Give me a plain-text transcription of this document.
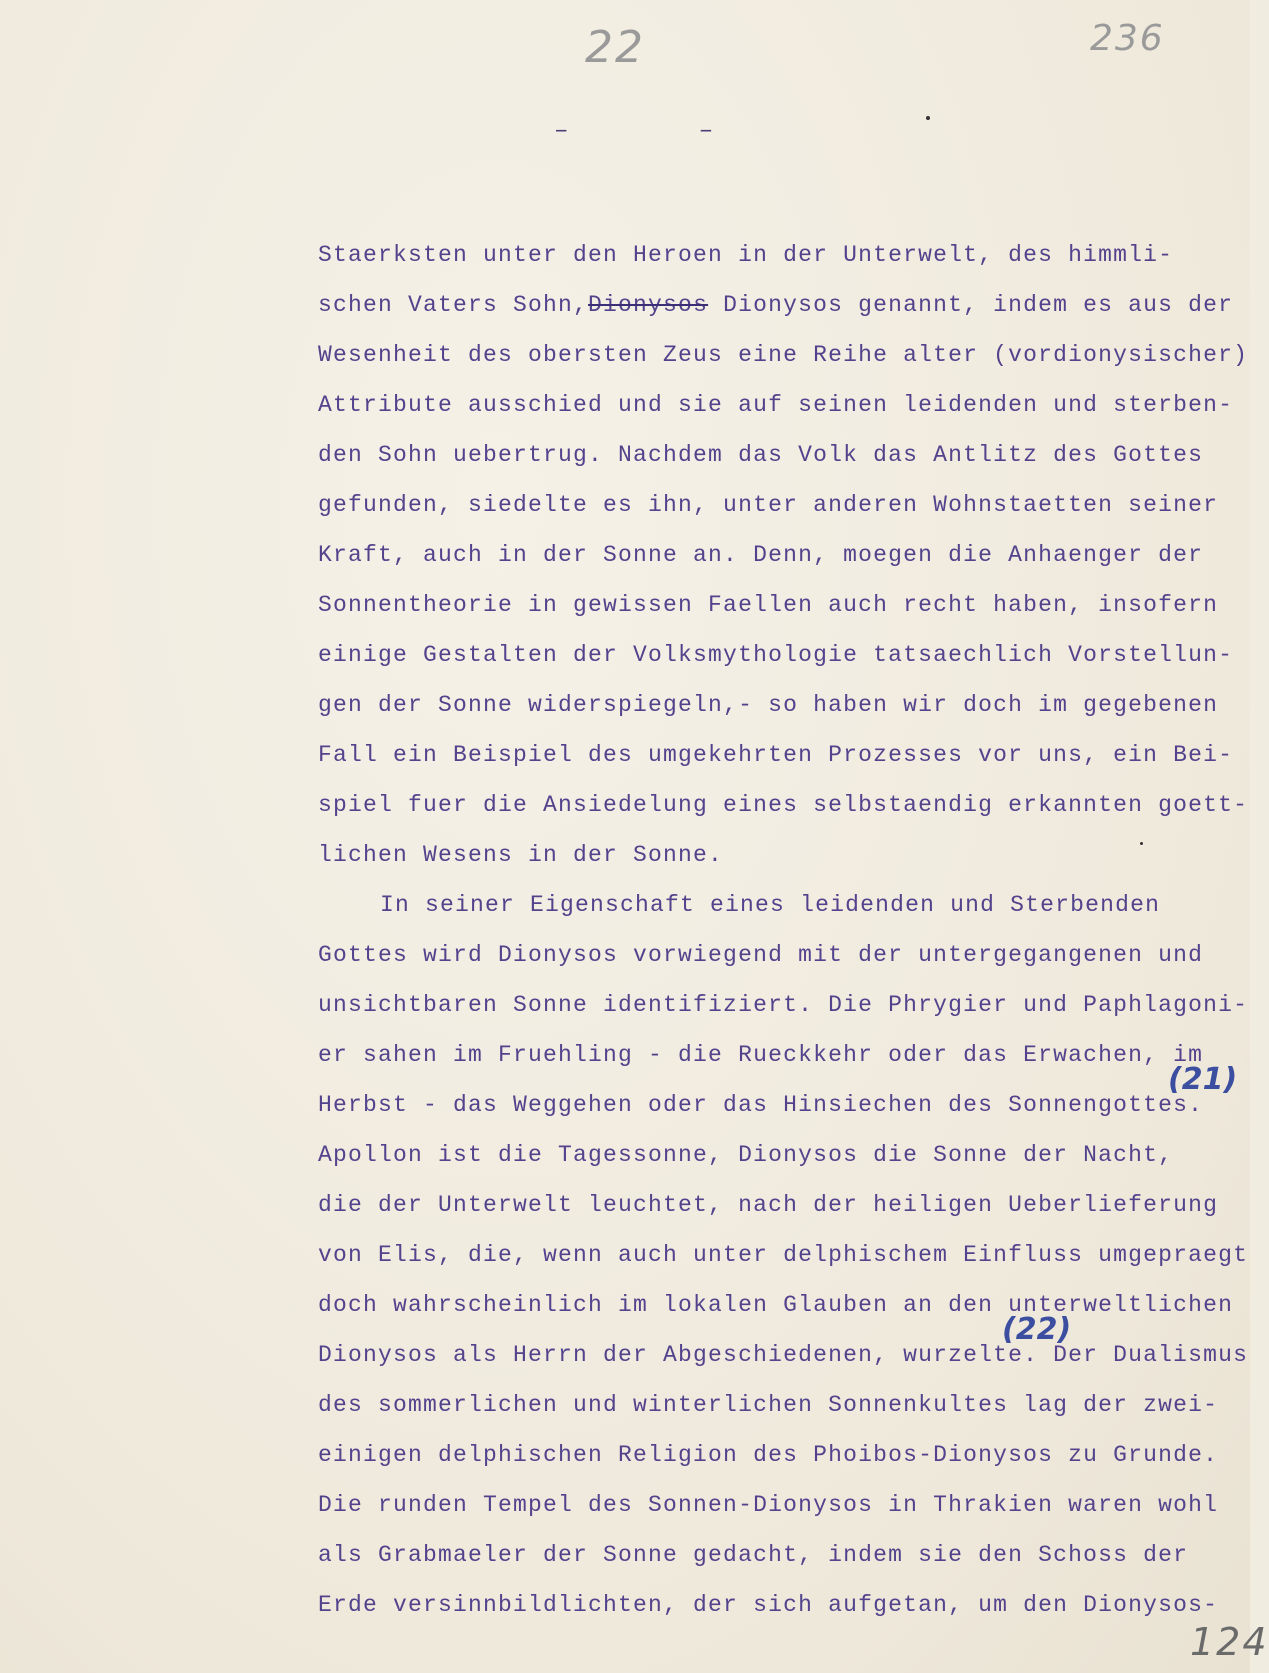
22	236
– –
Staerksten unter den Heroen in der Unterwelt, des himmli-
schen Vaters Sohn,Dionysos Dionysos genannt, indem es aus der
Wesenheit des obersten Zeus eine Reihe alter (vordionysischer)
Attribute ausschied und sie auf seinen leidenden und sterben-
den Sohn uebertrug. Nachdem das Volk das Antlitz des Gottes
gefunden, siedelte es ihn, unter anderen Wohnstaetten seiner
Kraft, auch in der Sonne an. Denn, moegen die Anhaenger der
Sonnentheorie in gewissen Faellen auch recht haben, insofern
einige Gestalten der Volksmythologie tatsaechlich Vorstellun-
gen der Sonne widerspiegeln,- so haben wir doch im gegebenen
Fall ein Beispiel des umgekehrten Prozesses vor uns, ein Bei-
spiel fuer die Ansiedelung eines selbstaendig erkannten goett-
lichen Wesens in der Sonne.
In seiner Eigenschaft eines leidenden und Sterbenden
Gottes wird Dionysos vorwiegend mit der untergegangenen und
unsichtbaren Sonne identifiziert. Die Phrygier und Paphlagoni-
er sahen im Fruehling - die Rueckkehr oder das Erwachen, im
Herbst - das Weggehen oder das Hinsiechen des Sonnengottes.
Apollon ist die Tagessonne, Dionysos die Sonne der Nacht,
die der Unterwelt leuchtet, nach der heiligen Ueberlieferung
von Elis, die, wenn auch unter delphischem Einfluss umgepraegt
doch wahrscheinlich im lokalen Glauben an den unterweltlichen
Dionysos als Herrn der Abgeschiedenen, wurzelte. Der Dualismus
des sommerlichen und winterlichen Sonnenkultes lag der zwei-
einigen delphischen Religion des Phoibos-Dionysos zu Grunde.
Die runden Tempel des Sonnen-Dionysos in Thrakien waren wohl
als Grabmaeler der Sonne gedacht, indem sie den Schoss der
Erde versinnbildlichten, der sich aufgetan, um den Dionysos-
(21)
(22)
124
